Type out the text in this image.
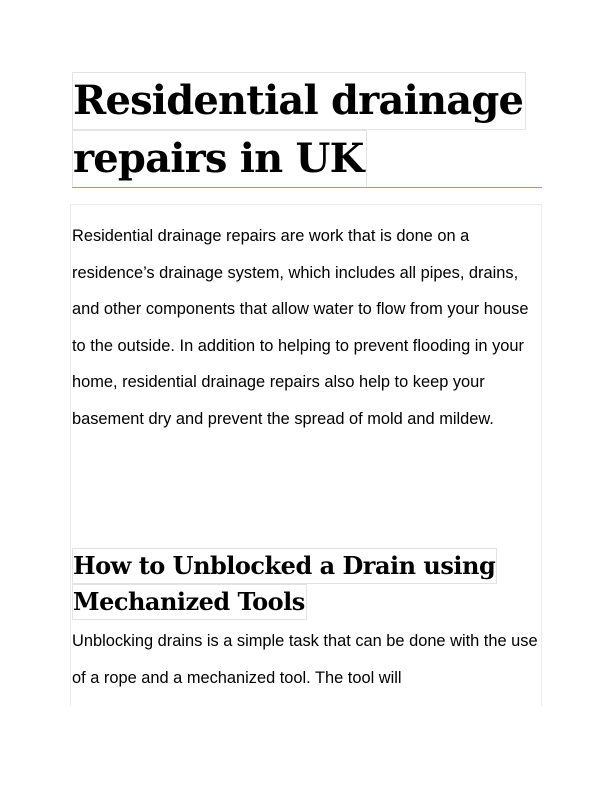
Residential drainage
repairs in UK

Residential drainage repairs are work that is done on a residence’s drainage system, which includes all pipes, drains, and other components that allow water to flow from your house to the outside. In addition to helping to prevent flooding in your home, residential drainage repairs also help to keep your basement dry and prevent the spread of mold and mildew.

How to Unblocked a Drain using
Mechanized Tools

Unblocking drains is a simple task that can be done with the use of a rope and a mechanized tool. The tool will
